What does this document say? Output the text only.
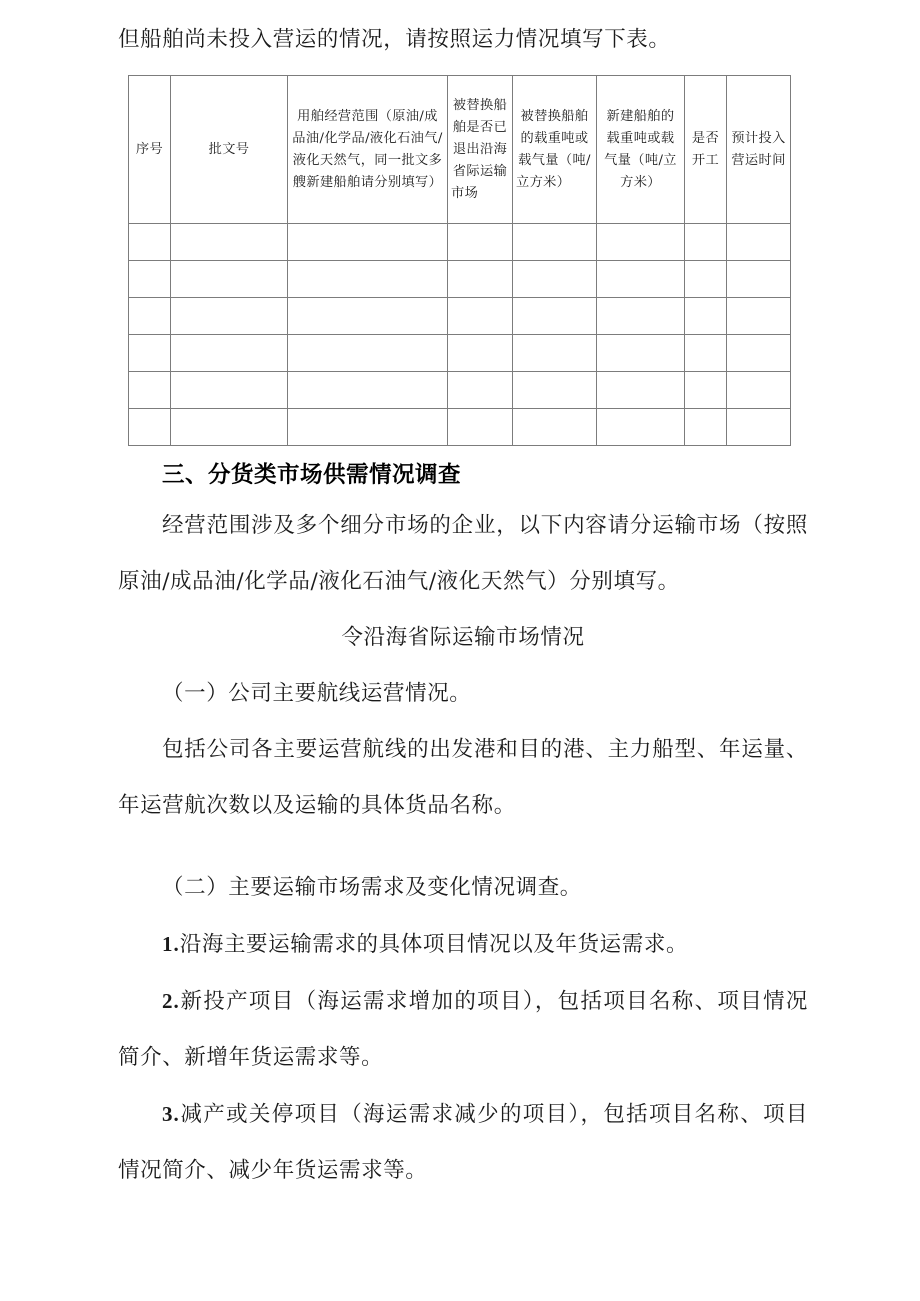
但船舶尚未投入营运的情况，请按照运力情况填写下表。

序号	批文号	用舶经营范围（原油/成品油/化学品/液化石油气/液化天然气，同一批文多艘新建船舶请分别填写）	被替换船舶是否已退出沿海省际运输市场	被替换船舶的载重吨或载气量（吨/立方米）	新建船舶的载重吨或载气量（吨/立方米）	是否开工	预计投入营运时间

三、分货类市场供需情况调查

经营范围涉及多个细分市场的企业，以下内容请分运输市场（按照原油/成品油/化学品/液化石油气/液化天然气）分别填写。

令沿海省际运输市场情况

（一）公司主要航线运营情况。

包括公司各主要运营航线的出发港和目的港、主力船型、年运量、年运营航次数以及运输的具体货品名称。

（二）主要运输市场需求及变化情况调查。

1.沿海主要运输需求的具体项目情况以及年货运需求。

2.新投产项目（海运需求增加的项目），包括项目名称、项目情况简介、新增年货运需求等。

3.减产或关停项目（海运需求减少的项目），包括项目名称、项目情况简介、减少年货运需求等。
